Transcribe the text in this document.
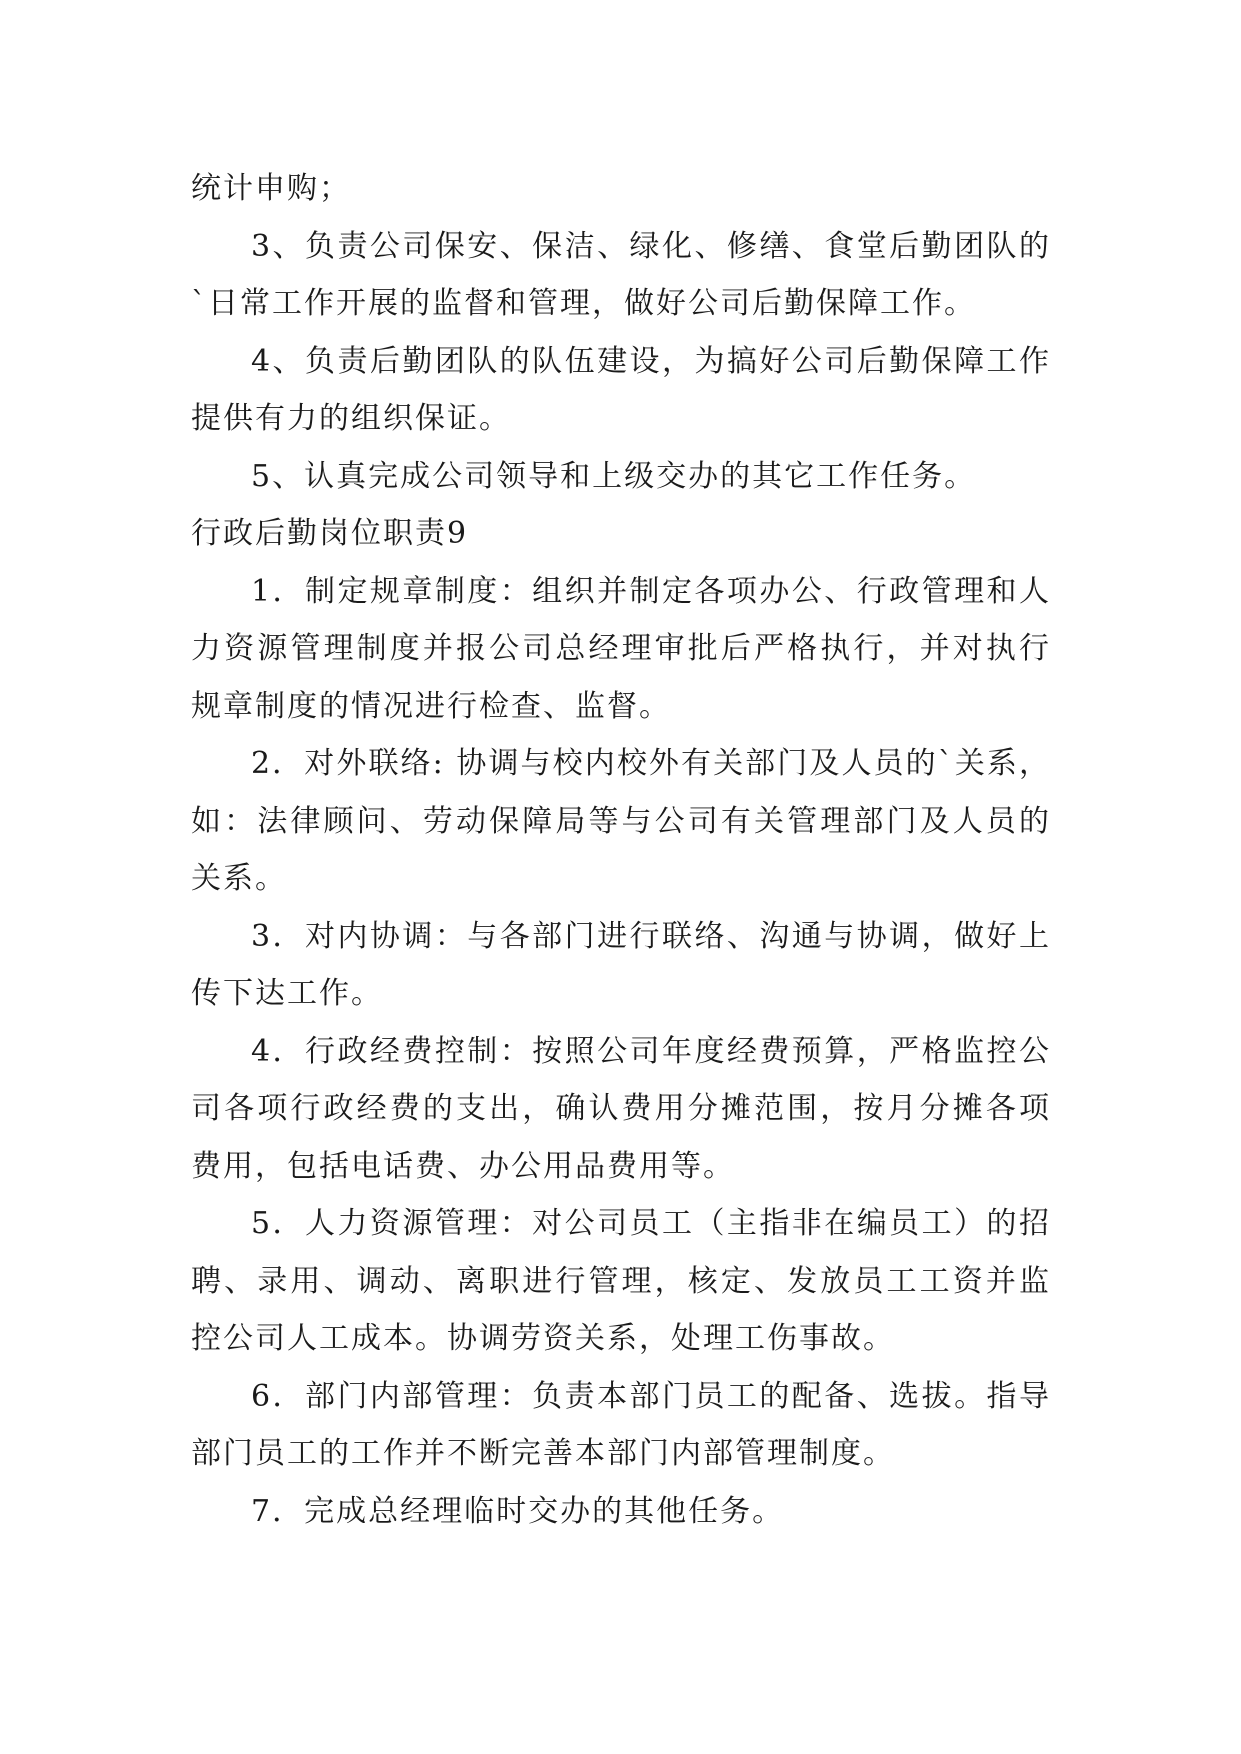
统计申购；

3、负责公司保安、保洁、绿化、修缮、食堂后勤团队的`日常工作开展的监督和管理，做好公司后勤保障工作。

4、负责后勤团队的队伍建设，为搞好公司后勤保障工作提供有力的组织保证。

5、认真完成公司领导和上级交办的其它工作任务。

行政后勤岗位职责9

1．制定规章制度：组织并制定各项办公、行政管理和人力资源管理制度并报公司总经理审批后严格执行，并对执行规章制度的情况进行检查、监督。

2．对外联络: 协调与校内校外有关部门及人员的`关系，如：法律顾问、劳动保障局等与公司有关管理部门及人员的关系。

3．对内协调：与各部门进行联络、沟通与协调，做好上传下达工作。

4．行政经费控制：按照公司年度经费预算，严格监控公司各项行政经费的支出，确认费用分摊范围，按月分摊各项费用，包括电话费、办公用品费用等。

5．人力资源管理：对公司员工（主指非在编员工）的招聘、录用、调动、离职进行管理，核定、发放员工工资并监控公司人工成本。协调劳资关系，处理工伤事故。

6．部门内部管理：负责本部门员工的配备、选拔。指导部门员工的工作并不断完善本部门内部管理制度。

7．完成总经理临时交办的其他任务。
